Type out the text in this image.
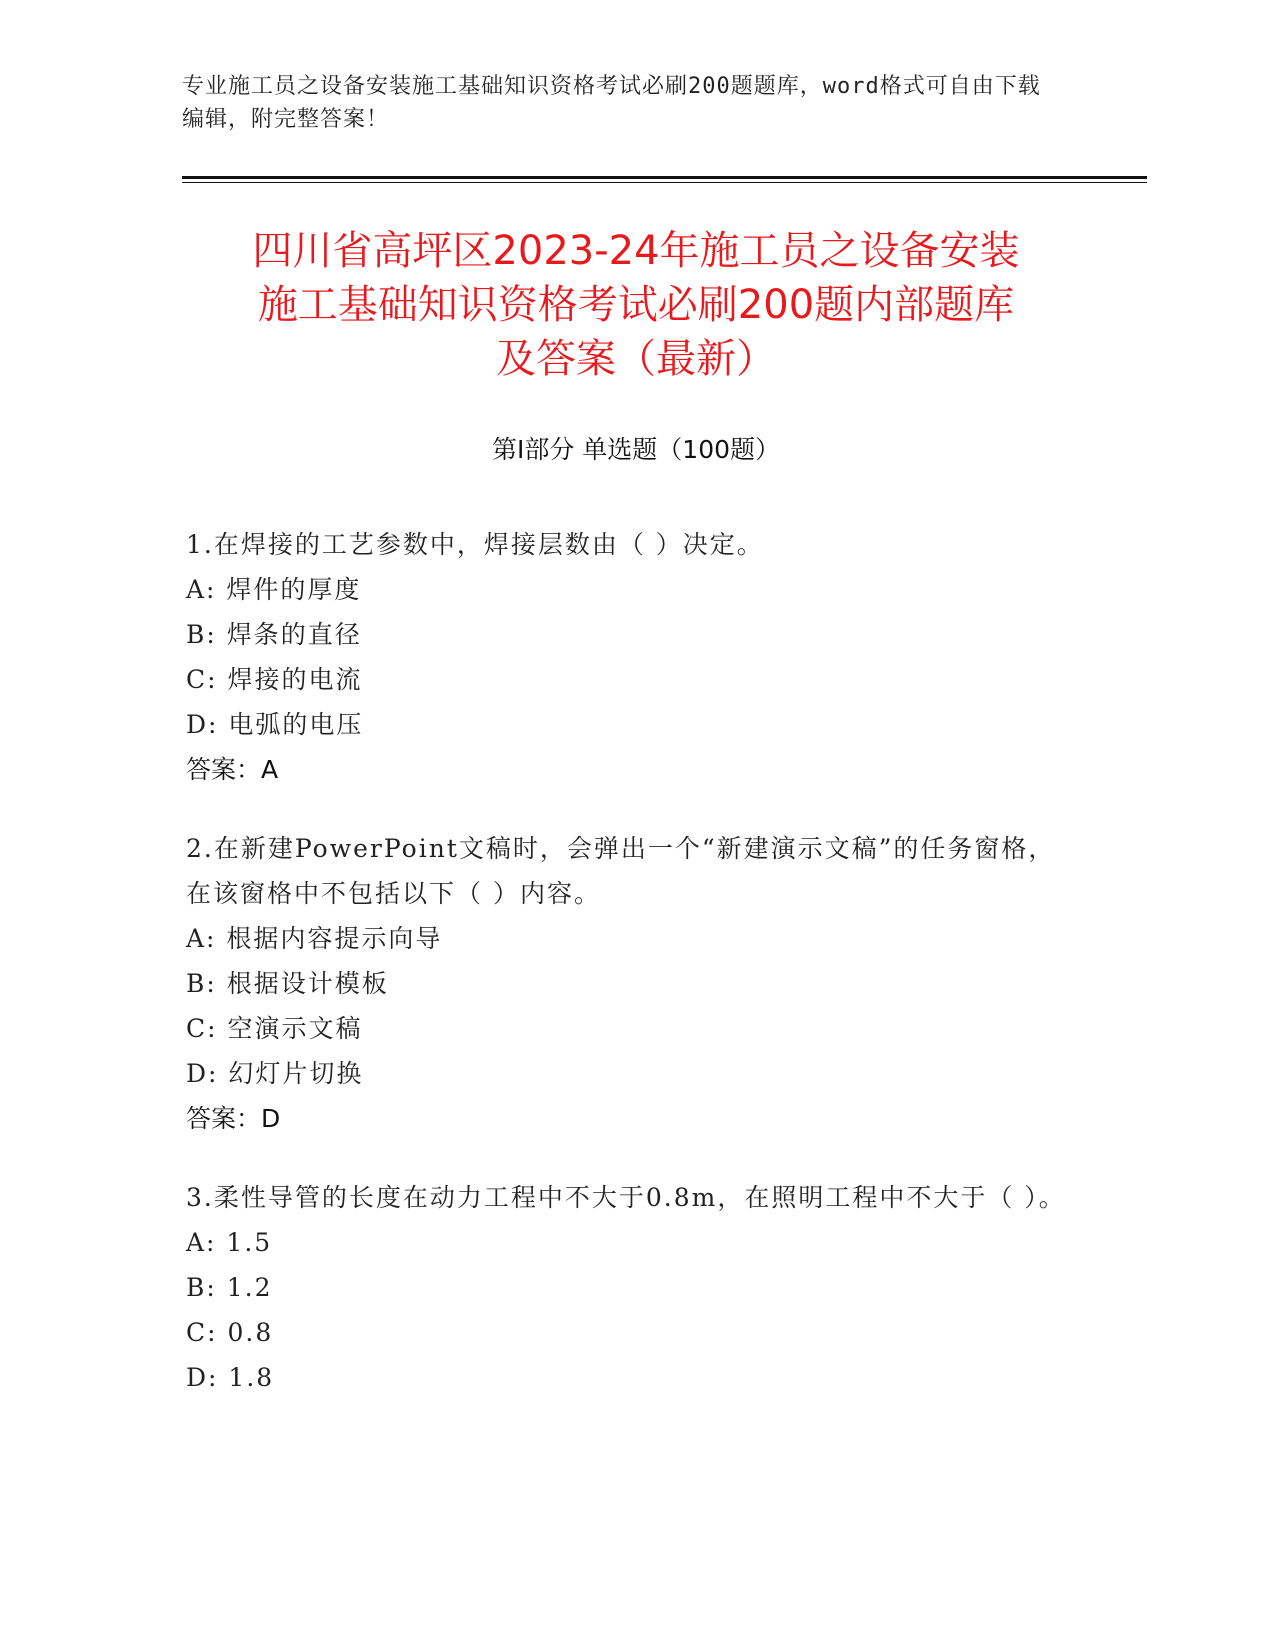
专业施工员之设备安装施工基础知识资格考试必刷200题题库，word格式可自由下载编辑，附完整答案！
四川省高坪区2023-24年施工员之设备安装
施工基础知识资格考试必刷200题内部题库
及答案（最新）
第Ⅰ部分 单选题（100题）
1.在焊接的工艺参数中，焊接层数由（ ）决定。
A: 焊件的厚度
B: 焊条的直径
C: 焊接的电流
D: 电弧的电压
答案：A
2.在新建PowerPoint文稿时，会弹出一个“新建演示文稿”的任务窗格，在该窗格中不包括以下（ ）内容。
A: 根据内容提示向导
B: 根据设计模板
C: 空演示文稿
D: 幻灯片切换
答案：D
3.柔性导管的长度在动力工程中不大于0.8m，在照明工程中不大于（ ）。
A: 1.5
B: 1.2
C: 0.8
D: 1.8
